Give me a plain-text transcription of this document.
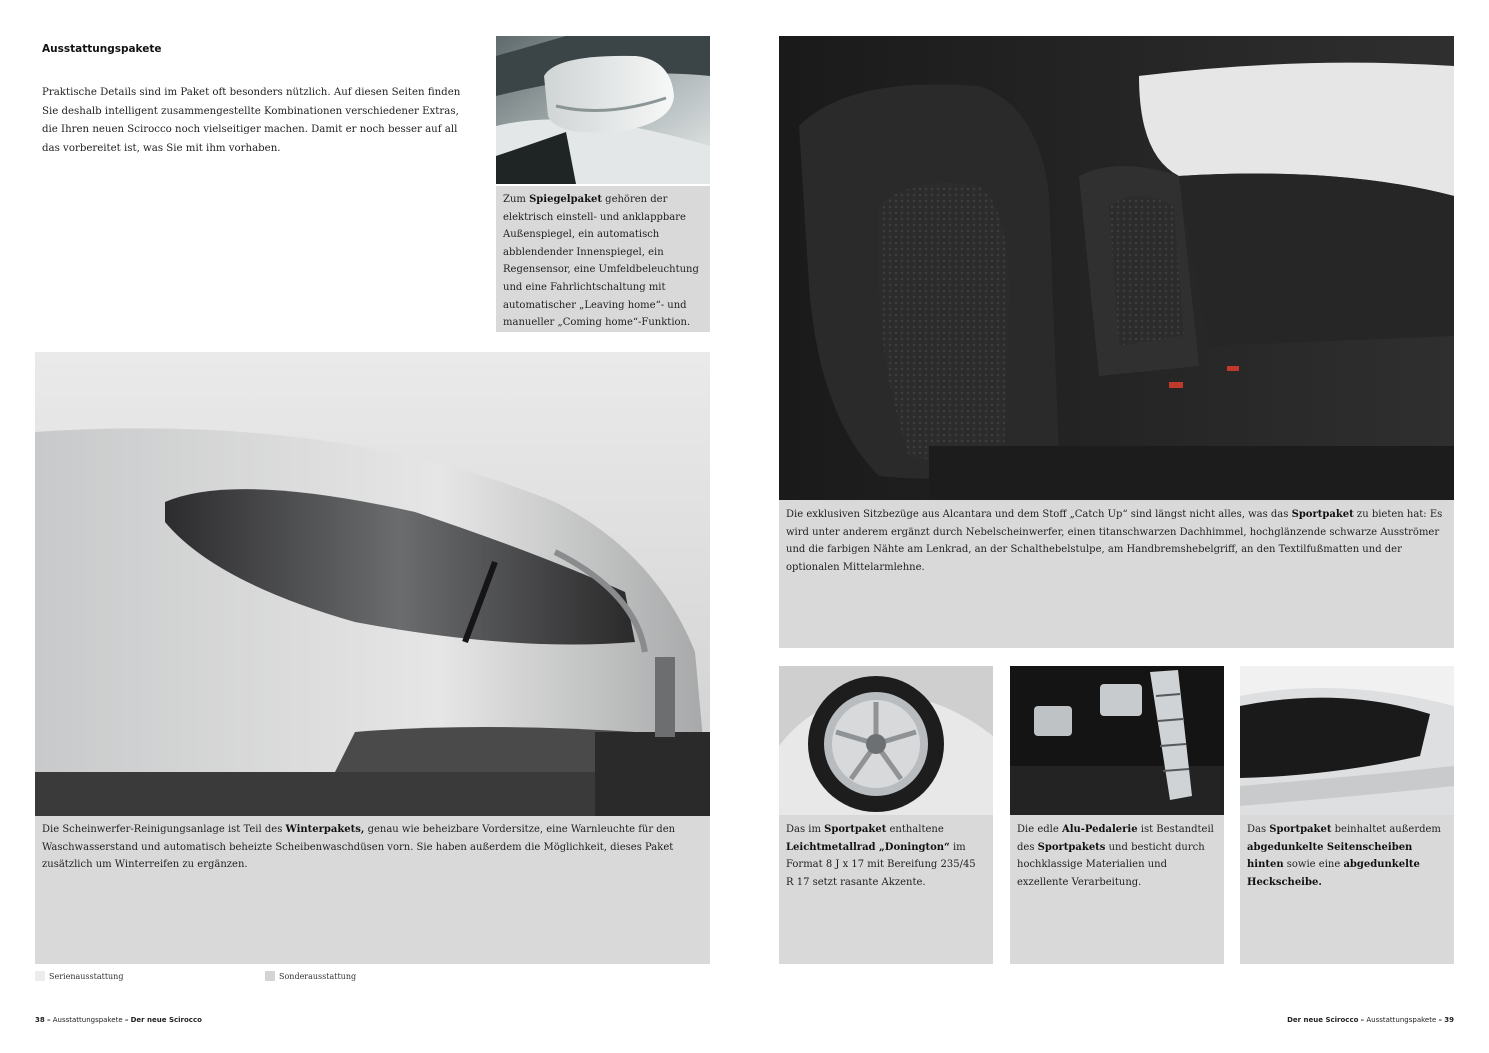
Ausstattungspakete
Praktische Details sind im Paket oft besonders nützlich. Auf diesen Seiten finden Sie deshalb intelligent zusammengestellte Kombinationen verschiedener Extras, die Ihren neuen Scirocco noch vielseitiger machen. Damit er noch besser auf all das vorbereitet ist, was Sie mit ihm vorhaben.
Zum Spiegelpaket gehören der elektrisch einstell- und anklappbare Außenspiegel, ein automatisch abblendender Innenspiegel, ein Regensensor, eine Umfeldbeleuchtung und eine Fahrlichtschaltung mit automatischer „Leaving home“- und manueller „Coming home“-Funktion.
Die Scheinwerfer-Reinigungsanlage ist Teil des Winterpakets, genau wie beheizbare Vordersitze, eine Warnleuchte für den Waschwasserstand und automatisch beheizte Scheibenwaschdüsen vorn. Sie haben außerdem die Möglichkeit, dieses Paket zusätzlich um Winterreifen zu ergänzen.
Die exklusiven Sitzbezüge aus Alcantara und dem Stoff „Catch Up“ sind längst nicht alles, was das Sportpaket zu bieten hat: Es wird unter anderem ergänzt durch Nebelscheinwerfer, einen titanschwarzen Dachhimmel, hochglänzende schwarze Ausströmer und die farbigen Nähte am Lenkrad, an der Schalthebelstulpe, am Handbremshebelgriff, an den Textilfußmatten und der optionalen Mittelarmlehne.
Das im Sportpaket enthaltene Leichtmetallrad „Donington“ im Format 8 J x 17 mit Bereifung 235/45 R 17 setzt rasante Akzente.
Die edle Alu-Pedalerie ist Bestandteil des Sportpakets und besticht durch hochklassige Materialien und exzellente Verarbeitung.
Das Sportpaket beinhaltet außerdem abgedunkelte Seitenscheiben hinten sowie eine abgedunkelte Heckscheibe.
Serienausstattung	Sonderausstattung
38 – Ausstattungspakete – Der neue Scirocco	Der neue Scirocco – Ausstattungspakete – 39
